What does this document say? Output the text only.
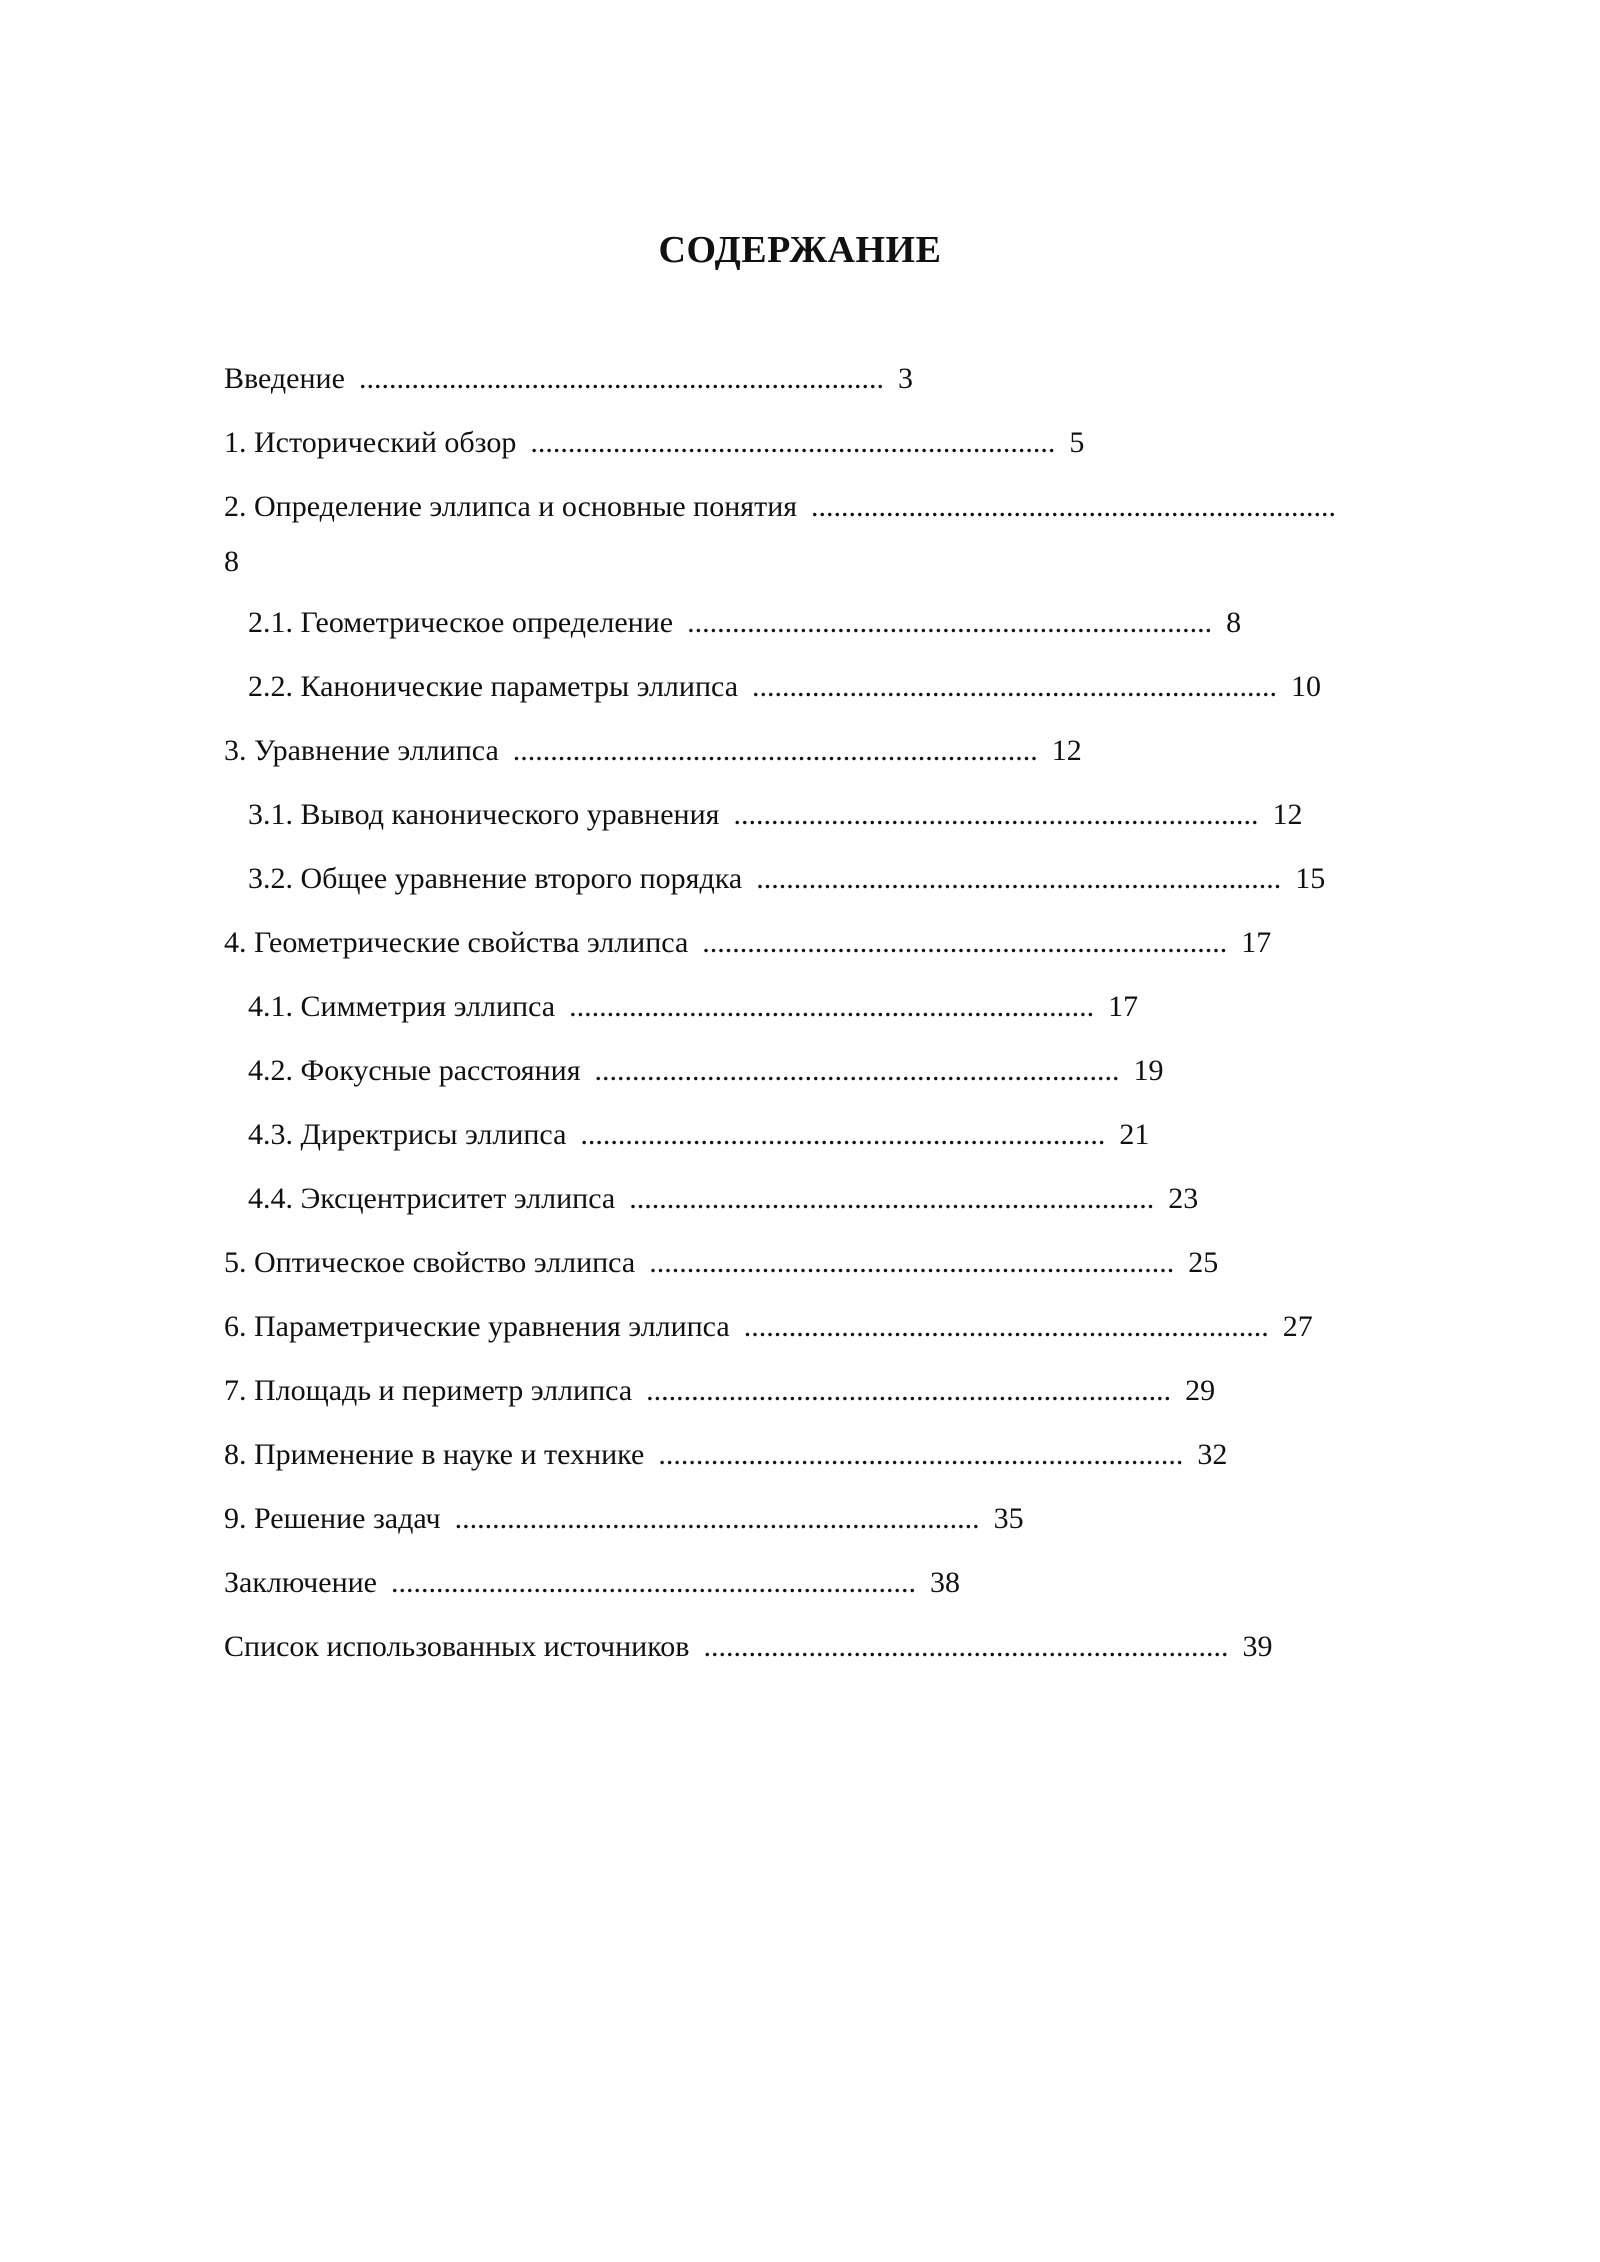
СОДЕРЖАНИЕ
Введение ...................................................................... 3
1. Исторический обзор ...................................................................... 5
2. Определение эллипса и основные понятия ......................................................................
8
2.1. Геометрическое определение ...................................................................... 8
2.2. Канонические параметры эллипса ...................................................................... 10
3. Уравнение эллипса ...................................................................... 12
3.1. Вывод канонического уравнения ...................................................................... 12
3.2. Общее уравнение второго порядка ...................................................................... 15
4. Геометрические свойства эллипса ...................................................................... 17
4.1. Симметрия эллипса ...................................................................... 17
4.2. Фокусные расстояния ...................................................................... 19
4.3. Директрисы эллипса ...................................................................... 21
4.4. Эксцентриситет эллипса ...................................................................... 23
5. Оптическое свойство эллипса ...................................................................... 25
6. Параметрические уравнения эллипса ...................................................................... 27
7. Площадь и периметр эллипса ...................................................................... 29
8. Применение в науке и технике ...................................................................... 32
9. Решение задач ...................................................................... 35
Заключение ...................................................................... 38
Список использованных источников ...................................................................... 39
